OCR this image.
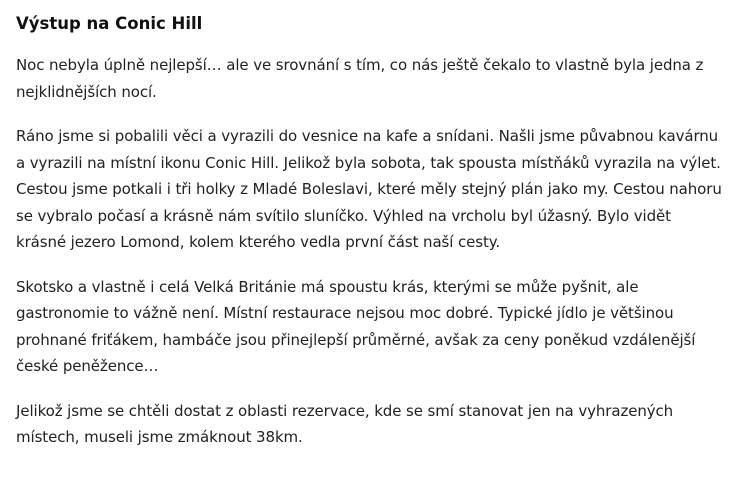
Výstup na Conic Hill

Noc nebyla úplně nejlepší… ale ve srovnání s tím, co nás ještě čekalo to vlastně byla jedna z nejklidnějších nocí.

Ráno jsme si pobalili věci a vyrazili do vesnice na kafe a snídani. Našli jsme půvabnou kavárnu a vyrazili na místní ikonu Conic Hill. Jelikož byla sobota, tak spousta místňáků vyrazila na výlet. Cestou jsme potkali i tři holky z Mladé Boleslavi, které měly stejný plán jako my. Cestou nahoru se vybralo počasí a krásně nám svítilo sluníčko. Výhled na vrcholu byl úžasný. Bylo vidět krásné jezero Lomond, kolem kterého vedla první část naší cesty.

Skotsko a vlastně i celá Velká Británie má spoustu krás, kterými se může pyšnit, ale gastronomie to vážně není. Místní restaurace nejsou moc dobré. Typické jídlo je většinou prohnané friťákem, hambáče jsou přinejlepší průměrné, avšak za ceny poněkud vzdálenější české peněžence…

Jelikož jsme se chtěli dostat z oblasti rezervace, kde se smí stanovat jen na vyhrazených místech, museli jsme zmáknout 38km.
